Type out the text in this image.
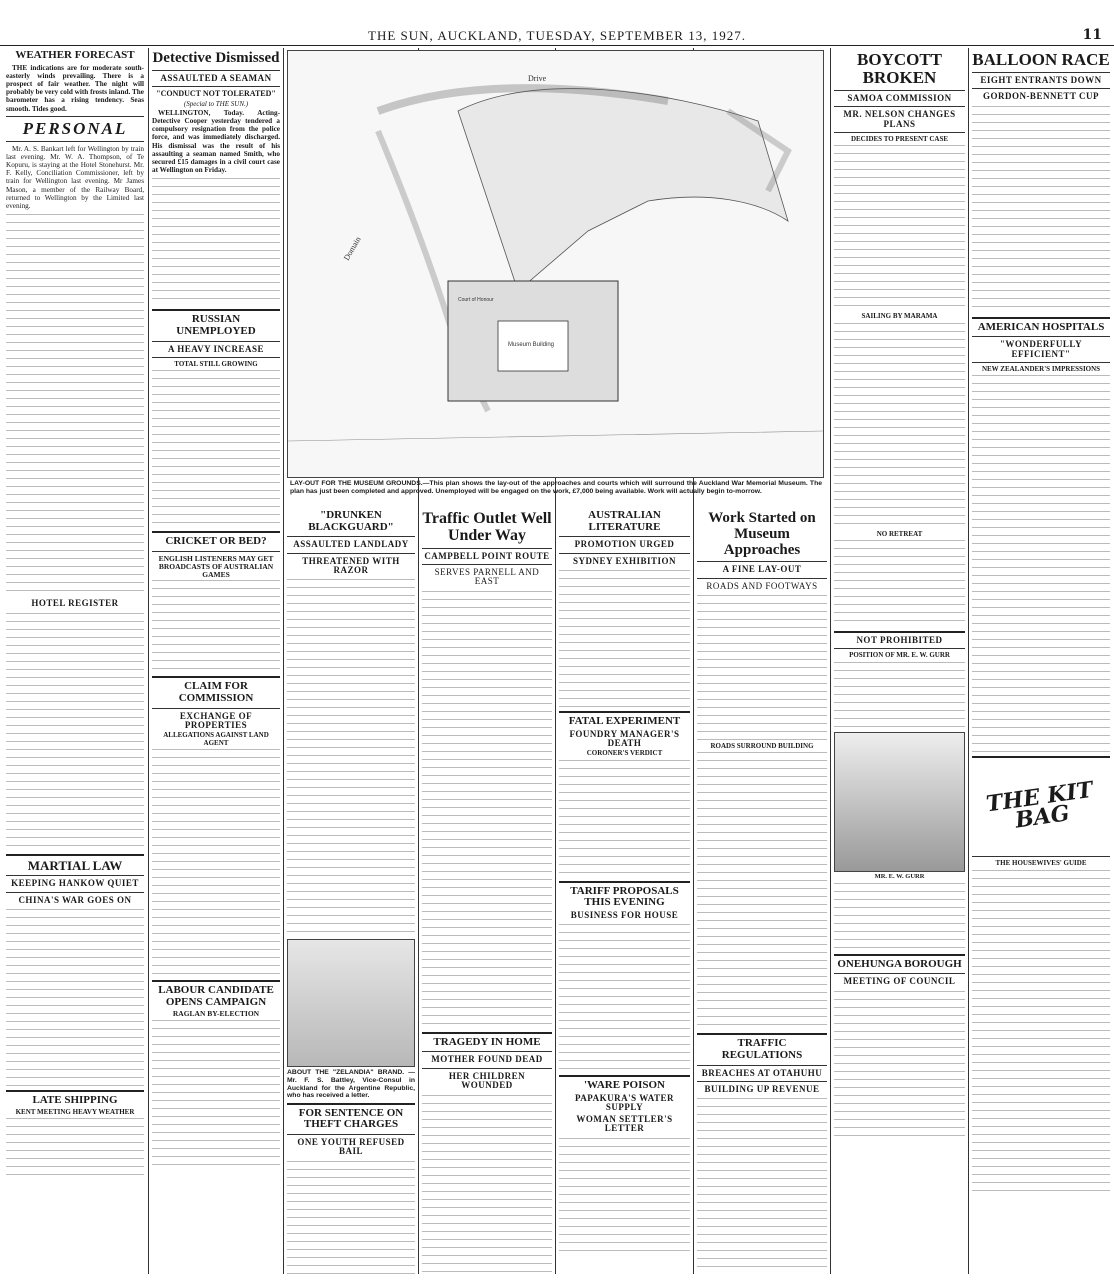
THE SUN, AUCKLAND, TUESDAY, SEPTEMBER 13, 1927.	11
WEATHER FORECAST

THE indications are for moderate south-easterly winds prevailing. There is a prospect of fair weather. The night will probably be very cold with frosts inland. The barometer has a rising tendency. Seas smooth. Tides good.

PERSONAL

Mr. A. S. Bankart left for Wellington by train last evening. Mr. W. A. Thompson, of Te Kopuru, is staying at the Hotel Stonehurst. Mr. F. Kelly, Conciliation Commissioner, left by train for Wellington last evening. Mr James Mason, a member of the Railway Board, returned to Wellington by the Limited last evening.

HOTEL REGISTER
MARTIAL LAW
KEEPING HANKOW QUIET
CHINA'S WAR GOES ON
LATE SHIPPING
KENT MEETING HEAVY WEATHER
Detective Dismissed
ASSAULTED A SEAMAN
"CONDUCT NOT TOLERATED"
(Special to THE SUN.)

WELLINGTON, Today. Acting-Detective Cooper yesterday tendered a compulsory resignation from the police force, and was immediately discharged. His dismissal was the result of his assaulting a seaman named Smith, who secured £15 damages in a civil court case at Wellington on Friday.

RUSSIAN UNEMPLOYED
A HEAVY INCREASE
TOTAL STILL GROWING
CRICKET OR BED?
ENGLISH LISTENERS MAY GET BROADCASTS OF AUSTRALIAN GAMES
CLAIM FOR COMMISSION
EXCHANGE OF PROPERTIES
ALLEGATIONS AGAINST LAND AGENT
LABOUR CANDIDATE OPENS CAMPAIGN
RAGLAN BY-ELECTION
Drive
Domain
Museum Building
Court of Honour
LAY-OUT FOR THE MUSEUM GROUNDS.—This plan shows the lay-out of the approaches and courts which will surround the Auckland War Memorial Museum. The plan has just been completed and approved. Unemployed will be engaged on the work, £7,000 being available. Work will actually begin to-morrow.
"DRUNKEN BLACKGUARD"
ASSAULTED LANDLADY
THREATENED WITH RAZOR
ABOUT THE "ZELANDIA" BRAND. —Mr. F. S. Battley, Vice-Consul in Auckland for the Argentine Republic, who has received a letter.
FOR SENTENCE ON THEFT CHARGES
ONE YOUTH REFUSED BAIL
Traffic Outlet Well Under Way
CAMPBELL POINT ROUTE
SERVES PARNELL AND EAST
TRAGEDY IN HOME
MOTHER FOUND DEAD
HER CHILDREN WOUNDED
AUSTRALIAN LITERATURE
PROMOTION URGED
SYDNEY EXHIBITION
FATAL EXPERIMENT
FOUNDRY MANAGER'S DEATH
CORONER'S VERDICT
TARIFF PROPOSALS THIS EVENING
BUSINESS FOR HOUSE
'WARE POISON
PAPAKURA'S WATER SUPPLY
WOMAN SETTLER'S LETTER
Work Started on Museum Approaches
A FINE LAY-OUT
ROADS AND FOOTWAYS
ROADS SURROUND BUILDING
TRAFFIC REGULATIONS
BREACHES AT OTAHUHU
BUILDING UP REVENUE
BOYCOTT BROKEN
SAMOA COMMISSION
MR. NELSON CHANGES PLANS
DECIDES TO PRESENT CASE
SAILING BY MARAMA
NO RETREAT
NOT PROHIBITED
POSITION OF MR. E. W. GURR
MR. E. W. GURR
ONEHUNGA BOROUGH
MEETING OF COUNCIL
BALLOON RACE
EIGHT ENTRANTS DOWN
GORDON-BENNETT CUP
AMERICAN HOSPITALS
"WONDERFULLY EFFICIENT"
NEW ZEALANDER'S IMPRESSIONS
THE KIT BAG
THE HOUSEWIVES' GUIDE
